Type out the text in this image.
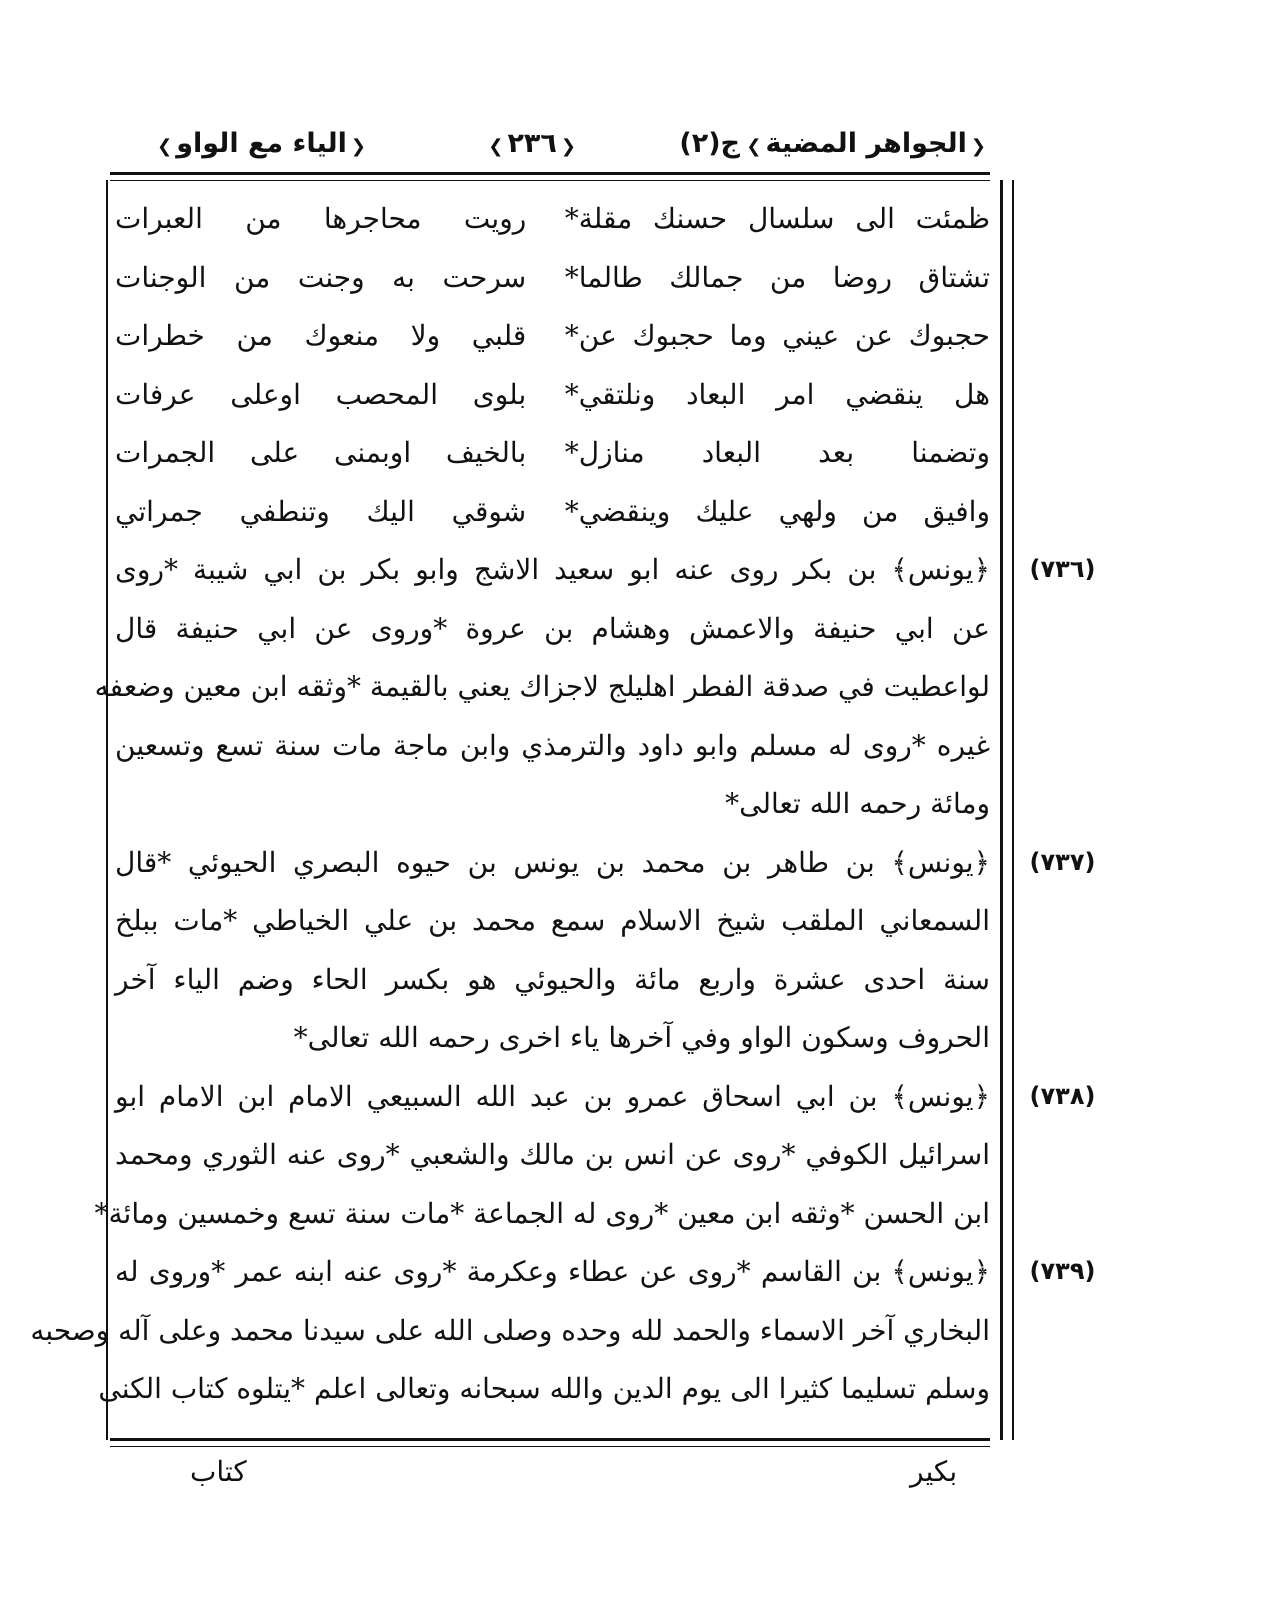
❮ الجواهر المضية ❯
ج(٢)
❮ ٢٣٦ ❯
❮ الياء مع الواو ❯
ظمئت الى سلسال حسنك مقلة
*
رويت محاجرها من العبرات
تشتاق روضا من جمالك طالما
*
سرحت به وجنت من الوجنات
حجبوك عن عيني وما حجبوك عن
*
قلبي ولا منعوك من خطرات
هل ينقضي امر البعاد ونلتقي
*
بلوى المحصب اوعلى عرفات
وتضمنا بعد البعاد منازل
*
بالخيف اوبمنى على الجمرات
وافيق من ولهي عليك وينقضي
*
شوقي اليك وتنطفي جمراتي
﴿يونس﴾ بن بكر روى عنه ابو سعيد الاشج وابو بكر بن ابي شيبة *روى
عن ابي حنيفة والاعمش وهشام بن عروة *وروى عن ابي حنيفة قال
لواعطيت في صدقة الفطر اهليلج لاجزاك يعني بالقيمة *وثقه ابن معين وضعفه
غيره *روى له مسلم وابو داود والترمذي وابن ماجة مات سنة تسع وتسعين
ومائة رحمه الله تعالى*
﴿يونس﴾ بن طاهر بن محمد بن يونس بن حيوه البصري الحيوئي *قال
السمعاني الملقب شيخ الاسلام سمع محمد بن علي الخياطي *مات ببلخ
سنة احدى عشرة واربع مائة والحيوئي هو بكسر الحاء وضم الياء آخر
الحروف وسكون الواو وفي آخرها ياء اخرى رحمه الله تعالى*
﴿يونس﴾ بن ابي اسحاق عمرو بن عبد الله السبيعي الامام ابن الامام ابو
اسرائيل الكوفي *روى عن انس بن مالك والشعبي *روى عنه الثوري ومحمد
ابن الحسن *وثقه ابن معين *روى له الجماعة *مات سنة تسع وخمسين ومائة*
﴿يونس﴾ بن القاسم *روى عن عطاء وعكرمة *روى عنه ابنه عمر *وروى له
البخاري آخر الاسماء والحمد لله وحده وصلى الله على سيدنا محمد وعلى آله وصحبه
وسلم تسليما كثيرا الى يوم الدين والله سبحانه وتعالى اعلم *يتلوه كتاب الكنى
(٧٣٦)
(٧٣٧)
(٧٣٨)
(٧٣٩)
بكير
كتاب
